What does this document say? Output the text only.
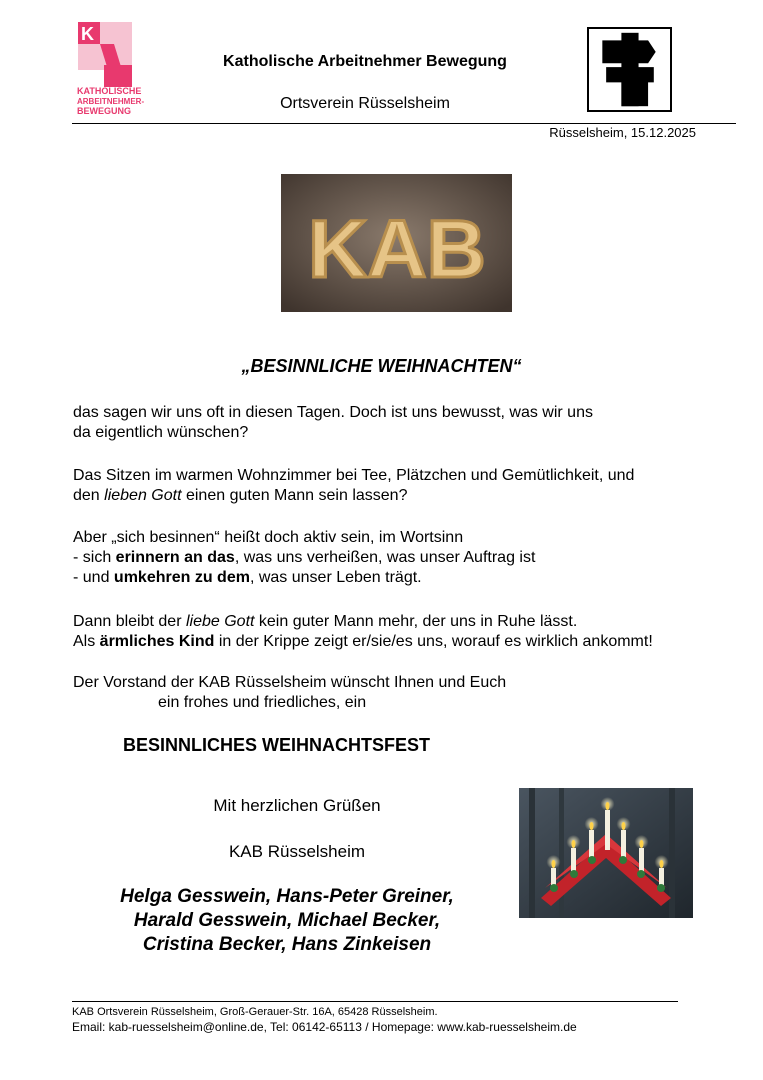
K
KATHOLISCHE
ARBEITNEHMER-
BEWEGUNG
Katholische Arbeitnehmer Bewegung
Ortsverein Rüsselsheim
Rüsselsheim, 15.12.2025
KAB
„BESINNLICHE WEIHNACHTEN“
das sagen wir uns oft in diesen Tagen. Doch ist uns bewusst, was wir uns
da eigentlich wünschen?
Das Sitzen im warmen Wohnzimmer bei Tee, Plätzchen und Gemütlichkeit, und
den lieben Gott einen guten Mann sein lassen?
Aber „sich besinnen“ heißt doch aktiv sein, im Wortsinn
- sich erinnern an das, was uns verheißen, was unser Auftrag ist
- und umkehren zu dem, was unser Leben trägt.
Dann bleibt der liebe Gott kein guter Mann mehr, der uns in Ruhe lässt.
Als ärmliches Kind in der Krippe zeigt er/sie/es uns, worauf es wirklich ankommt!
Der Vorstand der KAB Rüsselsheim wünscht Ihnen und Euch
ein frohes und friedliches, ein
BESINNLICHES WEIHNACHTSFEST
Mit herzlichen Grüßen
KAB Rüsselsheim
Helga Gesswein, Hans-Peter Greiner,
Harald Gesswein, Michael Becker,
Cristina Becker, Hans Zinkeisen
KAB Ortsverein Rüsselsheim, Groß-Gerauer-Str. 16A, 65428 Rüsselsheim.
Email: kab-ruesselsheim@online.de, Tel: 06142-65113 / Homepage: www.kab-ruesselsheim.de
